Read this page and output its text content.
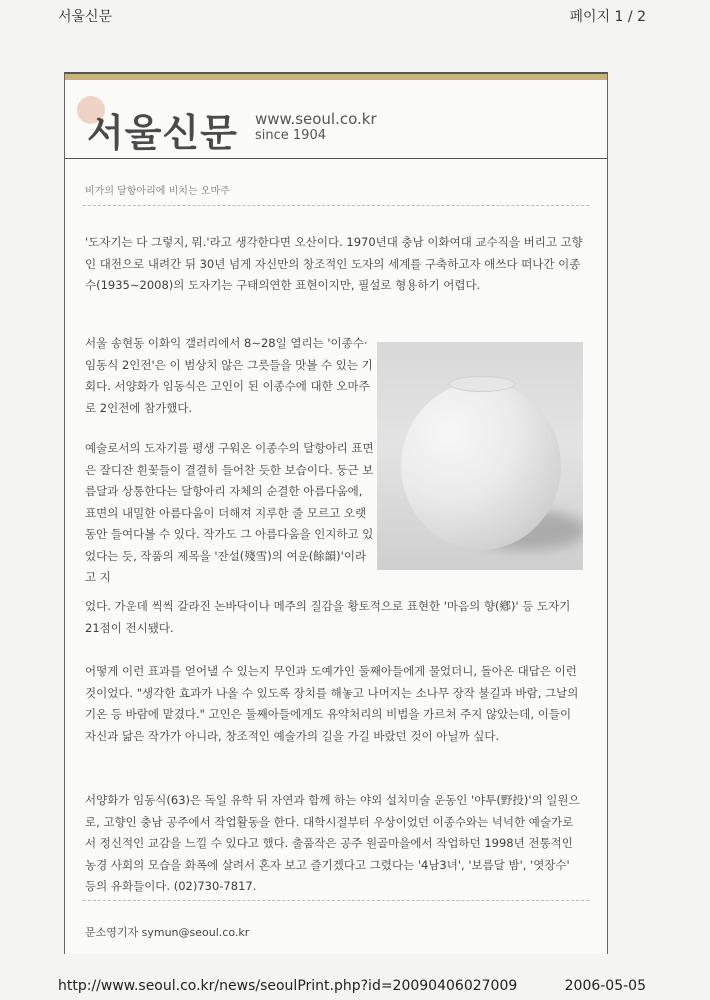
서울신문	페이지 1 / 2
서울신문 www.seoul.co.kr
since 1904
비가의 달항아리에 비치는 오마주

'도자기는 다 그렇지, 뭐.'라고 생각한다면 오산이다. 1970년대 충남 이화여대 교수직을 버리고 고향인 대전으로 내려간 뒤 30년 넘게 자신만의 창조적인 도자의 세계를 구축하고자 애쓰다 떠나간 이종수(1935∼2008)의 도자기는 구태의연한 표현이지만, 필설로 형용하기 어렵다.

서울 송현동 이화익 갤러리에서 8∼28일 열리는 '이종수·임동식 2인전'은 이 범상치 않은 그릇들을 맛볼 수 있는 기회다. 서양화가 임동식은 고인이 된 이종수에 대한 오마주로 2인전에 참가했다.

예술로서의 도자기를 평생 구워온 이종수의 달항아리 표면은 잘디잔 흰꽃들이 결결히 들어찬 듯한 보습이다. 둥근 보름달과 상통한다는 달항아리 자체의 순결한 아름다움에, 표면의 내밀한 아름다움이 더해져 지루한 줄 모르고 오랫동안 들여다볼 수 있다. 작가도 그 아름다움을 인지하고 있었다는 듯, 작품의 제목을 '잔설(殘雪)의 여운(餘韻)'이라고 지

었다. 가운데 씩씩 갈라진 논바닥이나 메주의 질감을 황토적으로 표현한 '마음의 향(鄕)' 등 도자기 21점이 전시됐다.

어떻게 이런 표과를 얻어낼 수 있는지 무인과 도예가인 둘째아들에게 물었더니, 돌아온 대답은 이런 것이었다. "생각한 효과가 나올 수 있도록 장치를 해놓고 나머지는 소나무 장작 불길과 바람, 그날의 기온 등 바람에 맡겼다." 고인은 둘째아들에게도 유약처리의 비법을 가르쳐 주지 않았는데, 이들이 자신과 닮은 작가가 아니라, 창조적인 예술가의 길을 가길 바랐던 것이 아닐까 싶다.

서양화가 임동식(63)은 독일 유학 뒤 자연과 함께 하는 야외 설치미술 운동인 '야투(野投)'의 일원으로, 고향인 충남 공주에서 작업활동을 한다. 대학시절부터 우상이었던 이종수와는 넉넉한 예술가로서 정신적인 교감을 느낄 수 있다고 했다. 출품작은 공주 원골마을에서 작업하던 1998년 전통적인 농경 사회의 모습을 화폭에 살려서 혼자 보고 즐기겠다고 그렸다는 '4남3녀', '보름달 밤', '엿장수' 등의 유화들이다. (02)730-7817.

문소영기자 symun@seoul.co.kr
http://www.seoul.co.kr/news/seoulPrint.php?id=20090406027009	2006-05-05
